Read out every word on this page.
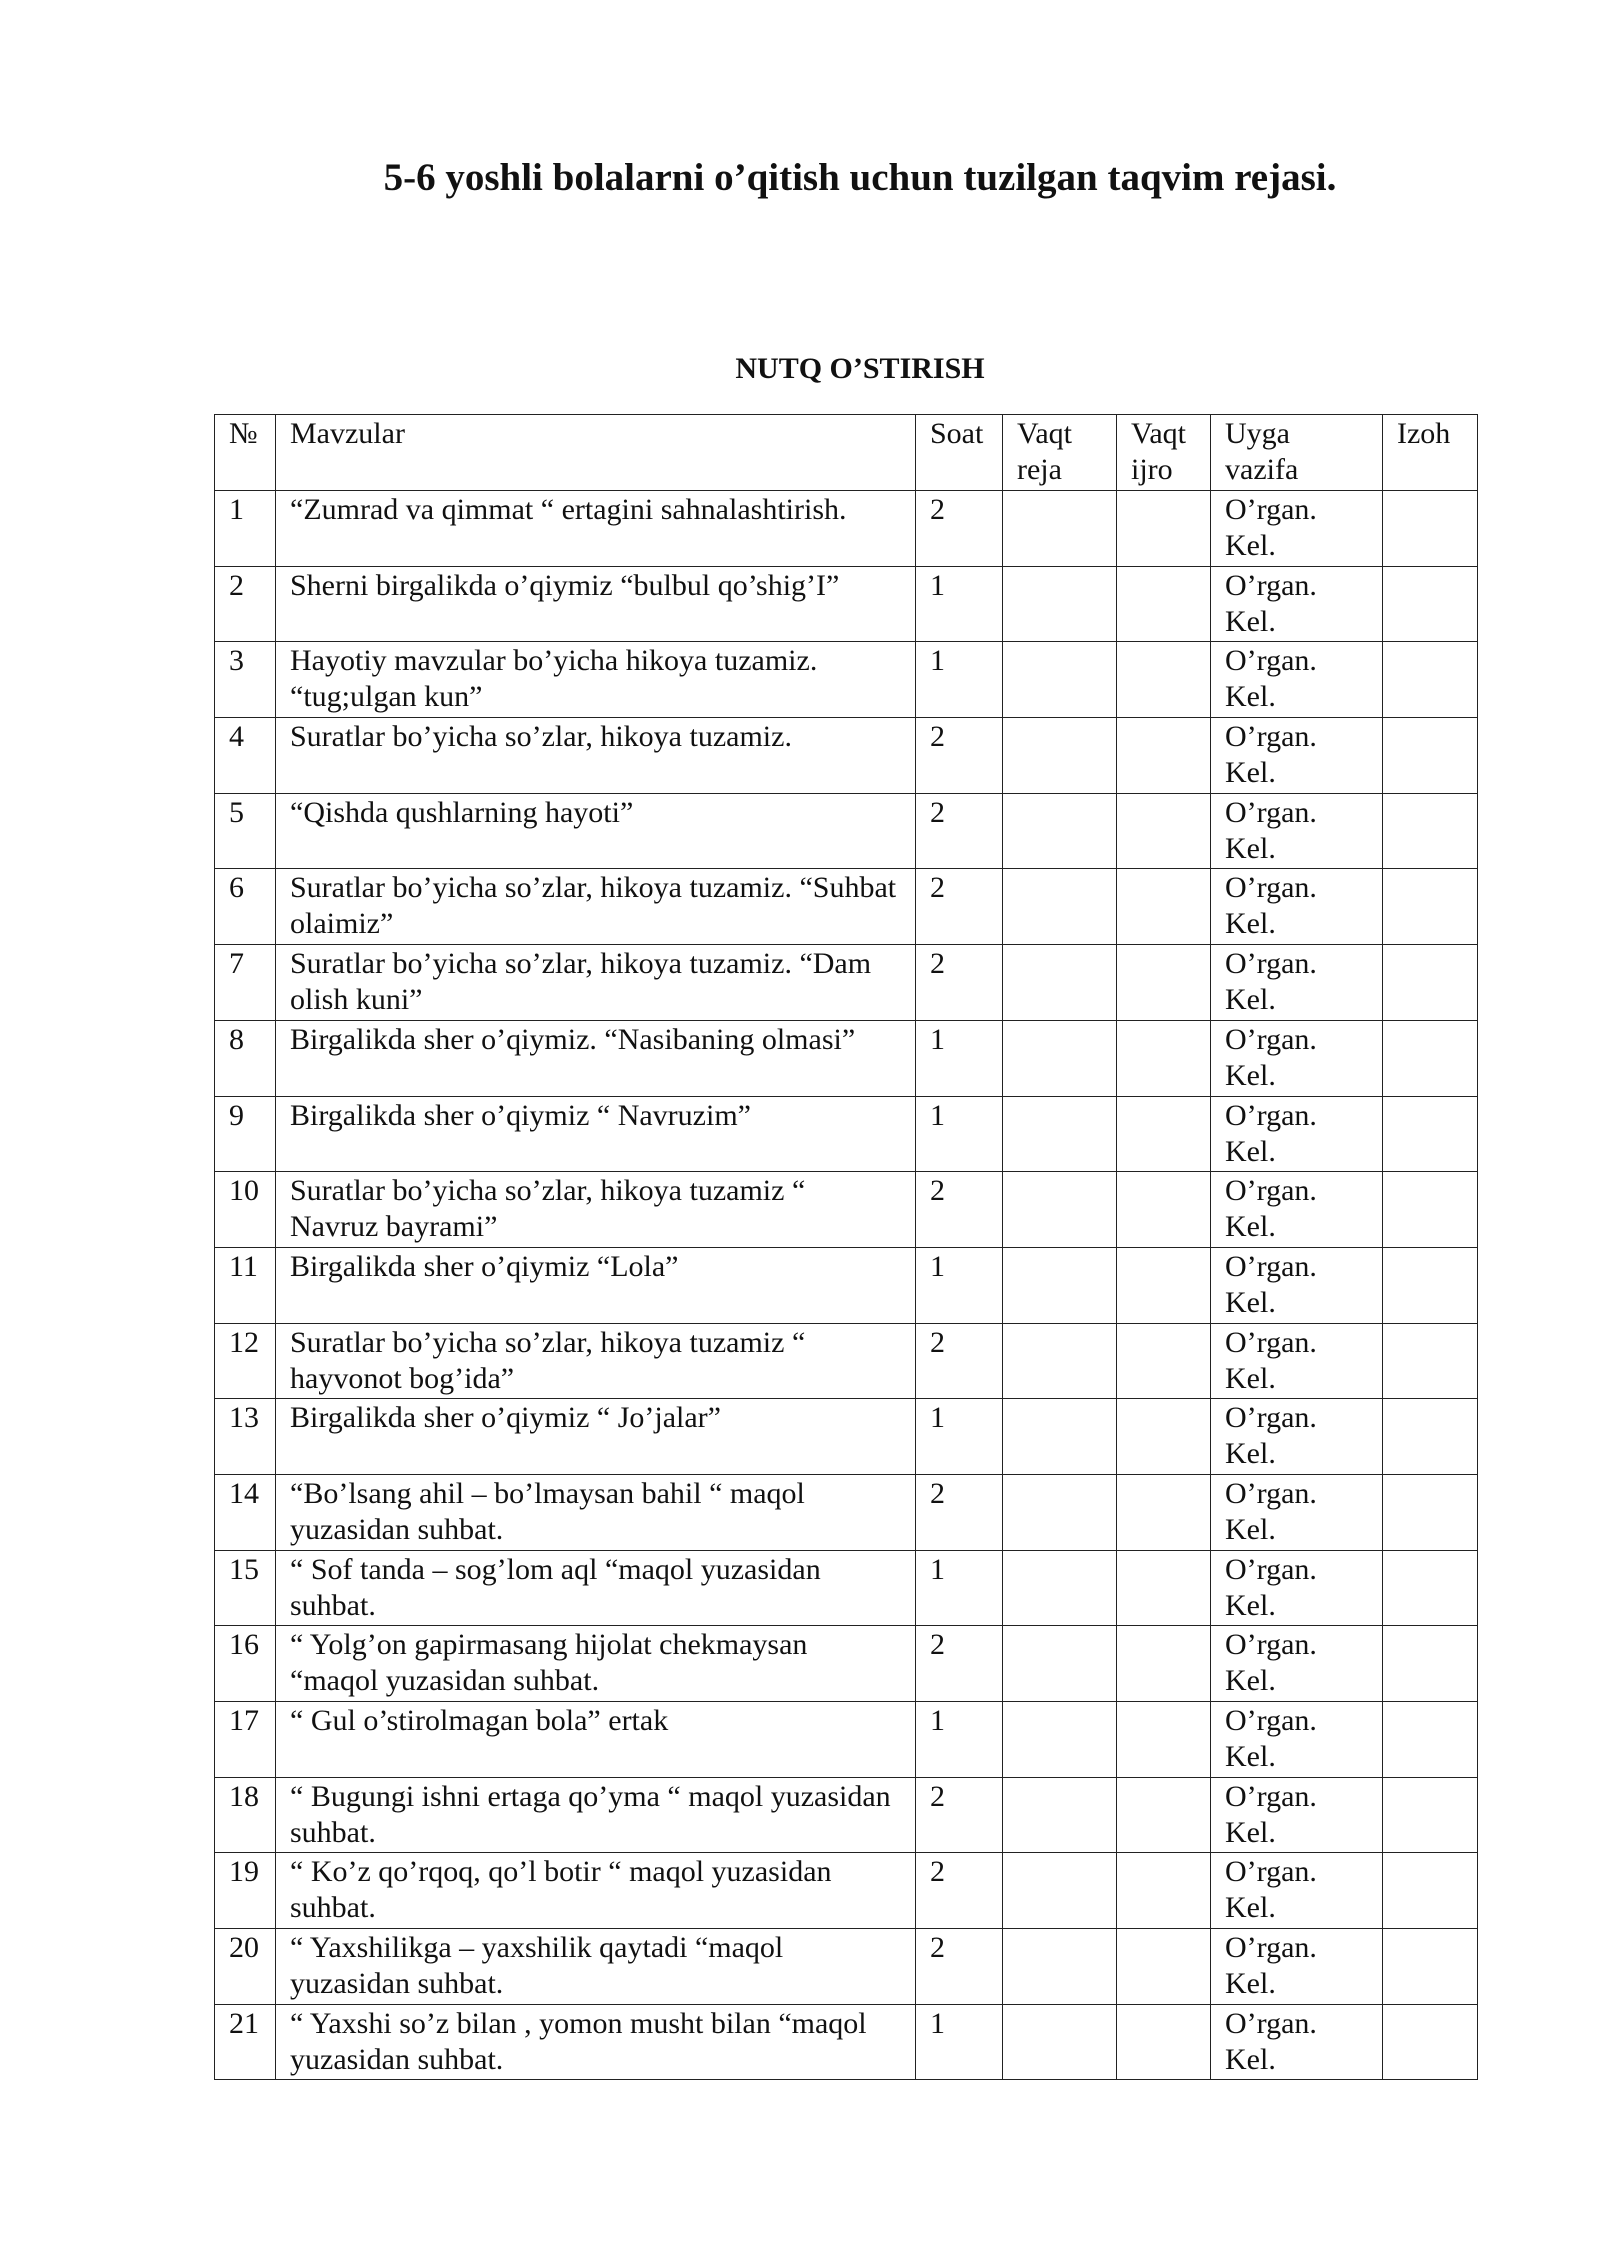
5-6 yoshli bolalarni o’qitish uchun tuzilgan taqvim rejasi.
NUTQ O’STIRISH
№	Mavzular	Soat	Vaqt reja	Vaqt ijro	Uyga vazifa	Izoh
1	“Zumrad va qimmat “ ertagini sahnalashtirish.	2			O’rgan. Kel.	
2	Sherni birgalikda o’qiymiz “bulbul qo’shig’I”	1			O’rgan. Kel.	
3	Hayotiy mavzular bo’yicha hikoya tuzamiz. “tug;ulgan kun”	1			O’rgan. Kel.	
4	Suratlar bo’yicha so’zlar, hikoya tuzamiz.	2			O’rgan. Kel.	
5	“Qishda qushlarning hayoti”	2			O’rgan. Kel.	
6	Suratlar bo’yicha so’zlar, hikoya tuzamiz. “Suhbat olaimiz”	2			O’rgan. Kel.	
7	Suratlar bo’yicha so’zlar, hikoya tuzamiz. “Dam olish kuni”	2			O’rgan. Kel.	
8	Birgalikda sher o’qiymiz. “Nasibaning olmasi”	1			O’rgan. Kel.	
9	Birgalikda sher o’qiymiz “ Navruzim”	1			O’rgan. Kel.	
10	Suratlar bo’yicha so’zlar, hikoya tuzamiz “ Navruz bayrami”	2			O’rgan. Kel.	
11	Birgalikda sher o’qiymiz “Lola”	1			O’rgan. Kel.	
12	Suratlar bo’yicha so’zlar, hikoya tuzamiz “ hayvonot bog’ida”	2			O’rgan. Kel.	
13	Birgalikda sher o’qiymiz “ Jo’jalar”	1			O’rgan. Kel.	
14	“Bo’lsang ahil – bo’lmaysan bahil “ maqol yuzasidan suhbat.	2			O’rgan. Kel.	
15	“ Sof tanda – sog’lom aql “maqol yuzasidan suhbat.	1			O’rgan. Kel.	
16	“ Yolg’on gapirmasang hijolat chekmaysan “maqol yuzasidan suhbat.	2			O’rgan. Kel.	
17	“ Gul o’stirolmagan bola” ertak	1			O’rgan. Kel.	
18	“ Bugungi ishni ertaga qo’yma “ maqol yuzasidan suhbat.	2			O’rgan. Kel.	
19	“ Ko’z qo’rqoq, qo’l botir “ maqol yuzasidan suhbat.	2			O’rgan. Kel.	
20	“ Yaxshilikga – yaxshilik qaytadi “maqol yuzasidan suhbat.	2			O’rgan. Kel.	
21	“ Yaxshi so’z bilan , yomon musht bilan “maqol yuzasidan suhbat.	1			O’rgan. Kel.	
